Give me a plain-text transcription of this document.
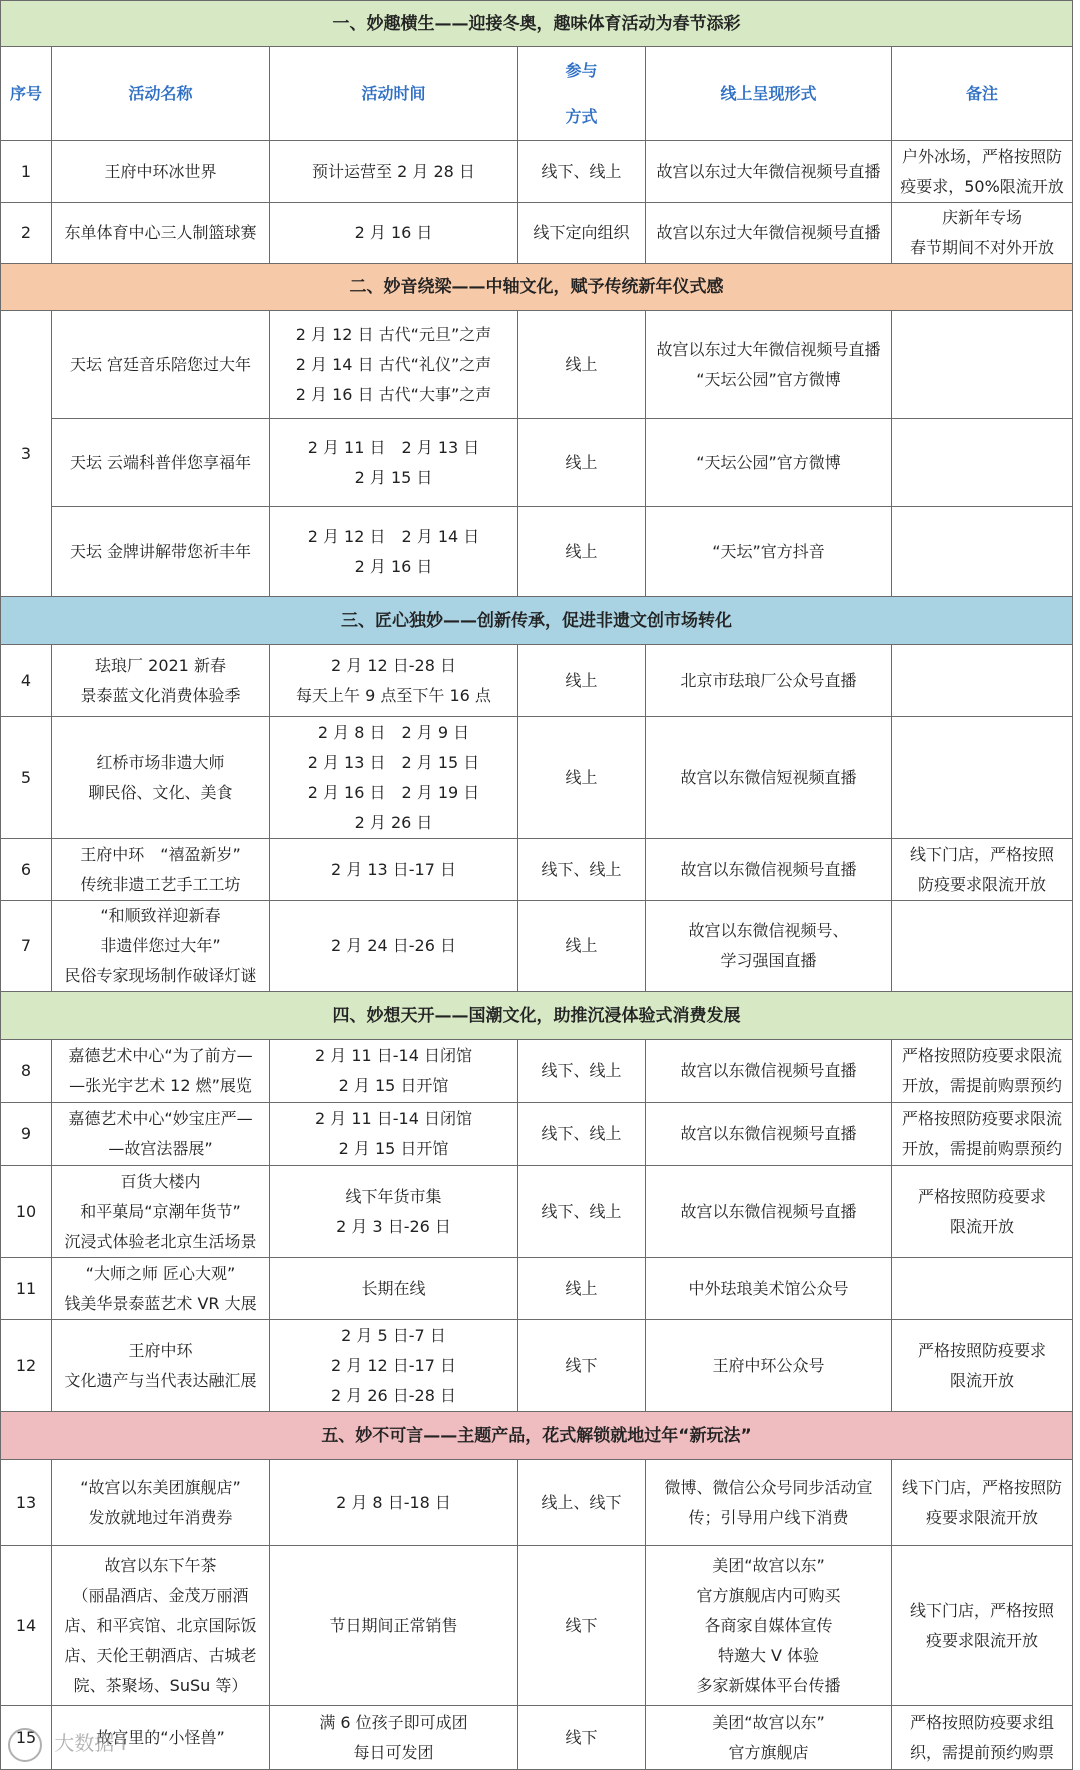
一、妙趣横生——迎接冬奥，趣味体育活动为春节添彩					
序号	活动名称	活动时间	参与
方式	线上呈现形式	备注
1	王府中环冰世界	预计运营至 2 月 28 日	线下、线上	故宫以东过大年微信视频号直播	户外冰场，严格按照防
疫要求，50%限流开放

2	东单体育中心三人制篮球赛	2 月 16 日	线下定向组织	故宫以东过大年微信视频号直播	庆新年专场
春节期间不对外开放

二、妙音绕梁——中轴文化，赋予传统新年仪式感					
3	天坛 宫廷音乐陪您过大年	2 月 12 日 古代“元旦”之声
2 月 14 日 古代“礼仪”之声
2 月 16 日 古代“大事”之声	线上	故宫以东过大年微信视频号直播
“天坛公园”官方微博	

	天坛 云端科普伴您享福年	2 月 11 日　2 月 13 日
2 月 15 日	线上	“天坛公园”官方微博	

	天坛 金牌讲解带您祈丰年	2 月 12 日　2 月 14 日
2 月 16 日	线上	“天坛”官方抖音	

三、匠心独妙——创新传承，促进非遗文创市场转化					
4	珐琅厂 2021 新春
景泰蓝文化消费体验季	2 月 12 日-28 日
每天上午 9 点至下午 16 点	线上	北京市珐琅厂公众号直播	

5	红桥市场非遗大师
聊民俗、文化、美食	2 月 8 日　2 月 9 日
2 月 13 日　2 月 15 日
2 月 16 日　2 月 19 日
2 月 26 日	线上	故宫以东微信短视频直播	

6	王府中环　“禧盈新岁”
传统非遗工艺手工工坊	2 月 13 日-17 日	线下、线上	故宫以东微信视频号直播	线下门店，严格按照
防疫要求限流开放

7	“和顺致祥迎新春
非遗伴您过大年”
民俗专家现场制作破译灯谜	2 月 24 日-26 日	线上	故宫以东微信视频号、
学习强国直播	

四、妙想天开——国潮文化，助推沉浸体验式消费发展					
8	嘉德艺术中心“为了前方—
—张光宇艺术 12 燃”展览	2 月 11 日-14 日闭馆
2 月 15 日开馆	线下、线上	故宫以东微信视频号直播	严格按照防疫要求限流
开放，需提前购票预约

9	嘉德艺术中心“妙宝庄严—
—故宫法器展”	2 月 11 日-14 日闭馆
2 月 15 日开馆	线下、线上	故宫以东微信视频号直播	严格按照防疫要求限流
开放，需提前购票预约

10	百货大楼内
和平菓局“京潮年货节”
沉浸式体验老北京生活场景	线下年货市集
2 月 3 日-26 日	线下、线上	故宫以东微信视频号直播	严格按照防疫要求
限流开放

11	“大师之师 匠心大观”
钱美华景泰蓝艺术 VR 大展	长期在线	线上	中外珐琅美术馆公众号	

12	王府中环
文化遗产与当代表达融汇展	2 月 5 日-7 日
2 月 12 日-17 日
2 月 26 日-28 日	线下	王府中环公众号	严格按照防疫要求
限流开放

五、妙不可言——主题产品，花式解锁就地过年“新玩法”					
13	“故宫以东美团旗舰店”
发放就地过年消费券	2 月 8 日-18 日	线上、线下	微博、微信公众号同步活动宣
传；引导用户线下消费	线下门店，严格按照防
疫要求限流开放

14	故宫以东下午茶
（丽晶酒店、金茂万丽酒
店、和平宾馆、北京国际饭
店、天伦王朝酒店、古城老
院、茶聚场、SuSu 等）	节日期间正常销售	线下	美团“故宫以东”
官方旗舰店内可购买
各商家自媒体宣传
特邀大 V 体验
多家新媒体平台传播	线下门店，严格按照
疫要求限流开放

15	故宫里的“小怪兽”	满 6 位孩子即可成团
每日可发团	线下	美团“故宫以东”
官方旗舰店	严格按照防疫要求组
织，需提前预约购票
大数据·i
